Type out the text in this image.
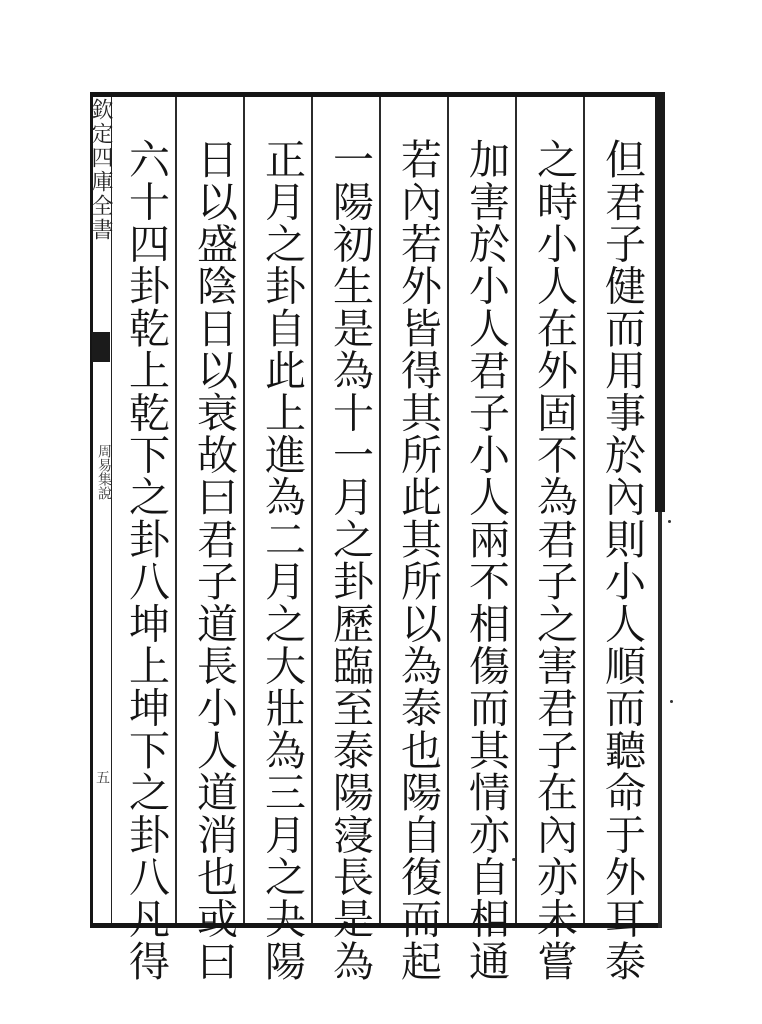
欽定四庫全書
周易集說
五	但君子健而用事於內則小人順而聽命于外耳泰
之時小人在外固不為君子之害君子在內亦未嘗
加害於小人君子小人兩不相傷而其情亦自相通
若內若外皆得其所此其所以為泰也陽自復而起
一陽初生是為十一月之卦歷臨至泰陽寖長是為
正月之卦自此上進為二月之大壯為三月之夬陽
日以盛陰日以衰故曰君子道長小人道消也或曰
六十四卦乾上乾下之卦八坤上坤下之卦八凡得
